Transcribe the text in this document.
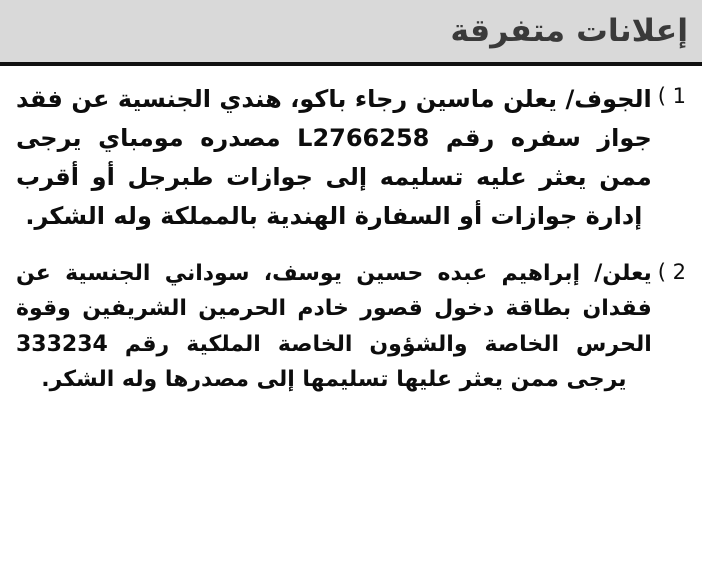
إعلانات متفرقة
1 )
الجوف/ يعلن ماسين رجاء باكو، هندي الجنسية عن فقد جواز سفره رقم L2766258 مصدره مومباي يرجى ممن يعثر عليه تسليمه إلى جوازات طبرجل أو أقرب إدارة جوازات أو السفارة الهندية بالمملكة وله الشكر.
2 )
يعلن/ إبراهيم عبده حسين يوسف، سوداني الجنسية عن فقدان بطاقة دخول قصور خادم الحرمين الشريفين وقوة الحرس الخاصة والشؤون الخاصة الملكية رقم 333234 يرجى ممن يعثر عليها تسليمها إلى مصدرها وله الشكر.
